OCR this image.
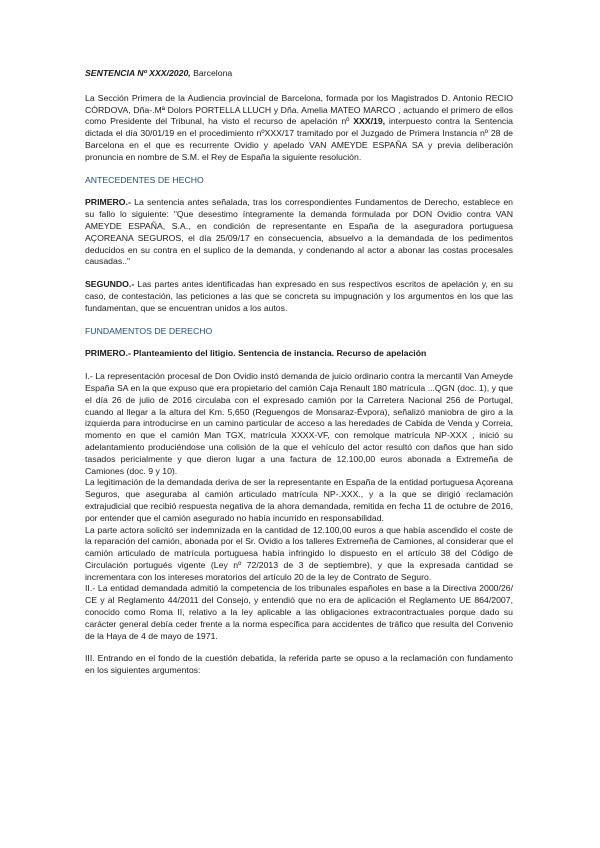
SENTENCIA Nº XXX/2020, Barcelona

La Sección Primera de la Audiencia provincial de Barcelona, formada por los Magistrados D. Antonio RECIO CÓRDOVA, Dña-.Mª Dolors PORTELLA LLUCH y Dña. Amelia MATEO MARCO , actuando el primero de ellos como Presidente del Tribunal, ha visto el recurso de apelación nº XXX/19, interpuesto contra la Sentencia dictada el día 30/01/19 en el procedimiento nºXXX/17 tramitado por el Juzgado de Primera Instancia nº 28 de Barcelona en el que es recurrente Ovidio y apelado VAN AMEYDE ESPAÑA SA y previa deliberación pronuncia en nombre de S.M. el Rey de España la siguiente resolución.

ANTECEDENTES DE HECHO

PRIMERO.- La sentencia antes señalada, tras los correspondientes Fundamentos de Derecho, establece en su fallo lo siguiente: "Que desestimo íntegramente la demanda formulada por DON Ovidio contra VAN AMEYDE ESPAÑA, S.A., en condición de representante en España de la aseguradora portuguesa AÇOREANA SEGUROS, el día 25/09/17 en consecuencia, absuelvo a la demandada de los pedimentos deducidos en su contra en el suplico de la demanda, y condenando al actor a abonar las costas procesales causadas.."

SEGUNDO.- Las partes antes identificadas han expresado en sus respectivos escritos de apelación y, en su caso, de contestación, las peticiones a las que se concreta su impugnación y los argumentos en los que las fundamentan, que se encuentran unidos a los autos.

FUNDAMENTOS DE DERECHO

PRIMERO.- Planteamiento del litigio. Sentencia de instancia. Recurso de apelación

I.- La representación procesal de Don Ovidio instó demanda de juicio ordinario contra la mercantil Van Ameyde España SA en la que expuso que era propietario del camión Caja Renault 180 matrícula ...QGN (doc. 1), y que el día 26 de julio de 2016 circulaba con el expresado camión por la Carretera Nacional 256 de Portugal, cuando al llegar a la altura del Km. 5,650 (Reguengos de Monsaraz-Évpora), señalizó maniobra de giro a la izquierda para introducirse en un camino particular de acceso a las heredades de Cabida de Venda y Correia, momento en que el camión Man TGX, matrícula XXXX-VF, con remolque matrícula NP-XXX , inició su adelantamiento produciéndose una colisión de la que el vehículo del actor resultó con daños que han sido tasados pericialmente y que dieron lugar a una factura de 12.100,00 euros abonada a Extremeña de Camiones (doc. 9 y 10).

La legitimación de la demandada deriva de ser la representante en España de la entidad portuguesa Açoreana Seguros, que aseguraba al camión articulado matrícula NP-.XXX., y a la que se dirigió reclamación extrajudicial que recibió respuesta negativa de la ahora demandada, remitida en fecha 11 de octubre de 2016, por entender que el camión asegurado no había incurrido en responsabilidad.

La parte actora solicitó ser indemnizada en la cantidad de 12.100,00 euros a que había ascendido el coste de la reparación del camión, abonada por el Sr. Ovidio a los talleres Extremeña de Camiones, al considerar que el camión articulado de matrícula portuguesa había infringido lo dispuesto en el artículo 38 del Código de Circulación portugués vigente (Ley nº 72/2013 de 3 de septiembre), y que la expresada cantidad se incrementara con los intereses moratorios del artículo 20 de la ley de Contrato de Seguro.

II.- La entidad demandada admitió la competencia de los tribunales españoles en base a la Directiva 2000/26/ CE y al Reglamento 44/2011 del Consejo, y entendió que no era de aplicación el Reglamento UE 864/2007, conocido como Roma II, relativo a la ley aplicable a las obligaciones extracontractuales porque dado su carácter general debía ceder frente a la norma específica para accidentes de tráfico que resulta del Convenio de la Haya de 4 de mayo de 1971.

III. Entrando en el fondo de la cuestión debatida, la referida parte se opuso a la reclamación con fundamento en los siguientes argumentos:
